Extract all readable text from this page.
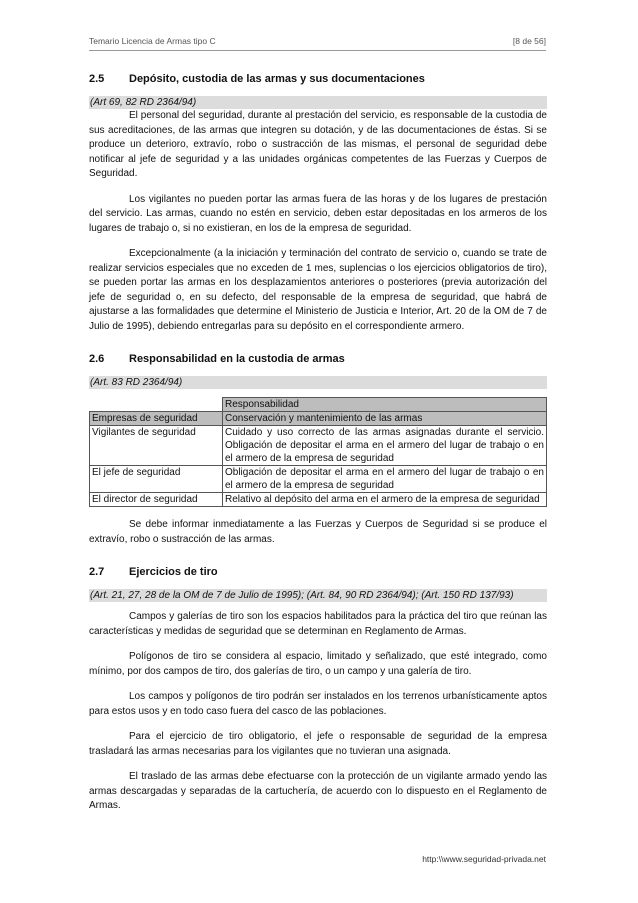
Temario Licencia de Armas tipo C	[8 de 56]
2.5 Depósito, custodia de las armas y sus documentaciones
(Art 69, 82 RD 2364/94)

El personal del seguridad, durante al prestación del servicio, es responsable de la custodia de sus acreditaciones, de las armas que integren su dotación, y de las documentaciones de éstas. Si se produce un deterioro, extravío, robo o sustracción de las mismas, el personal de seguridad debe notificar al jefe de seguridad y a las unidades orgánicas competentes de las Fuerzas y Cuerpos de Seguridad.

Los vigilantes no pueden portar las armas fuera de las horas y de los lugares de prestación del servicio. Las armas, cuando no estén en servicio, deben estar depositadas en los armeros de los lugares de trabajo o, si no existieran, en los de la empresa de seguridad.

Excepcionalmente (a la iniciación y terminación del contrato de servicio o, cuando se trate de realizar servicios especiales que no exceden de 1 mes, suplencias o los ejercicios obligatorios de tiro), se pueden portar las armas en los desplazamientos anteriores o posteriores (previa autorización del jefe de seguridad o, en su defecto, del responsable de la empresa de seguridad, que habrá de ajustarse a las formalidades que determine el Ministerio de Justicia e Interior, Art. 20 de la OM de 7 de Julio de 1995), debiendo entregarlas para su depósito en el correspondiente armero.

2.6 Responsabilidad en la custodia de armas
(Art. 83 RD 2364/94)
	Responsabilidad
Empresas de seguridad	Conservación y mantenimiento de las armas
Vigilantes de seguridad	Cuidado y uso correcto de las armas asignadas durante el servicio. Obligación de depositar el arma en el armero del lugar de trabajo o en el armero de la empresa de seguridad
El jefe de seguridad	Obligación de depositar el arma en el armero del lugar de trabajo o en el armero de la empresa de seguridad
El director de seguridad	Relativo al depósito del arma en el armero de la empresa de seguridad

Se debe informar inmediatamente a las Fuerzas y Cuerpos de Seguridad si se produce el extravío, robo o sustracción de las armas.

2.7 Ejercicios de tiro
(Art. 21, 27, 28 de la OM de 7 de Julio de 1995); (Art. 84, 90 RD 2364/94); (Art. 150 RD 137/93)

Campos y galerías de tiro son los espacios habilitados para la práctica del tiro que reúnan las características y medidas de seguridad que se determinan en Reglamento de Armas.

Polígonos de tiro se considera al espacio, limitado y señalizado, que esté integrado, como mínimo, por dos campos de tiro, dos galerías de tiro, o un campo y una galería de tiro.

Los campos y polígonos de tiro podrán ser instalados en los terrenos urbanísticamente aptos para estos usos y en todo caso fuera del casco de las poblaciones.

Para el ejercicio de tiro obligatorio, el jefe o responsable de seguridad de la empresa trasladará las armas necesarias para los vigilantes que no tuvieran una asignada.

El traslado de las armas debe efectuarse con la protección de un vigilante armado yendo las armas descargadas y separadas de la cartuchería, de acuerdo con lo dispuesto en el Reglamento de Armas.

http:\\www.seguridad-privada.net
